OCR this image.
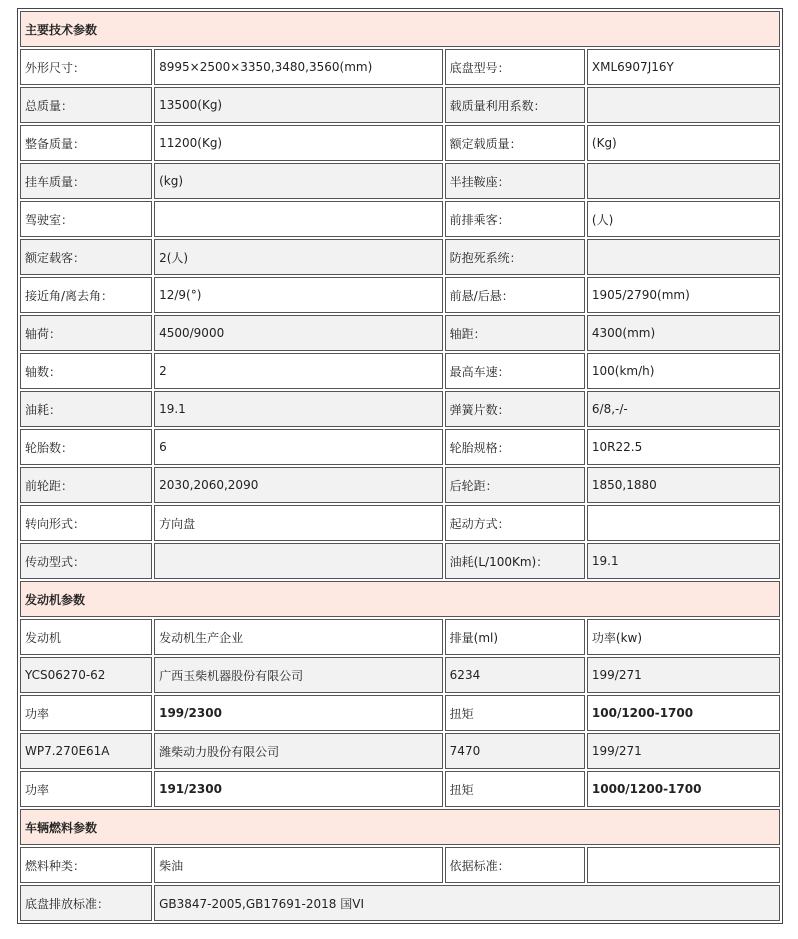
主要技术参数			
外形尺寸：	8995×2500×3350,3480,3560(mm)	底盘型号：	XML6907J16Y
总质量：	13500(Kg)	载质量利用系数：	
整备质量：	11200(Kg)	额定载质量：	(Kg)
挂车质量：	(kg)	半挂鞍座：	
驾驶室：		前排乘客：	(人)
额定载客：	2(人)	防抱死系统：	
接近角/离去角：	12/9(°)	前悬/后悬：	1905/2790(mm)
轴荷：	4500/9000	轴距：	4300(mm)
轴数：	2	最高车速：	100(km/h)
油耗：	19.1	弹簧片数：	6/8,-/-
轮胎数：	6	轮胎规格：	10R22.5
前轮距：	2030,2060,2090	后轮距：	1850,1880
转向形式：	方向盘	起动方式：	
传动型式：		油耗(L/100Km)：	19.1
发动机参数			
发动机	发动机生产企业	排量(ml)	功率(kw)
YCS06270-62	广西玉柴机器股份有限公司	6234	199/271
功率	199/2300	扭矩	100/1200-1700
WP7.270E61A	潍柴动力股份有限公司	7470	199/271
功率	191/2300	扭矩	1000/1200-1700
车辆燃料参数			
燃料种类：	柴油	依据标准：	
底盘排放标准：	GB3847-2005,GB17691-2018 国VI		
